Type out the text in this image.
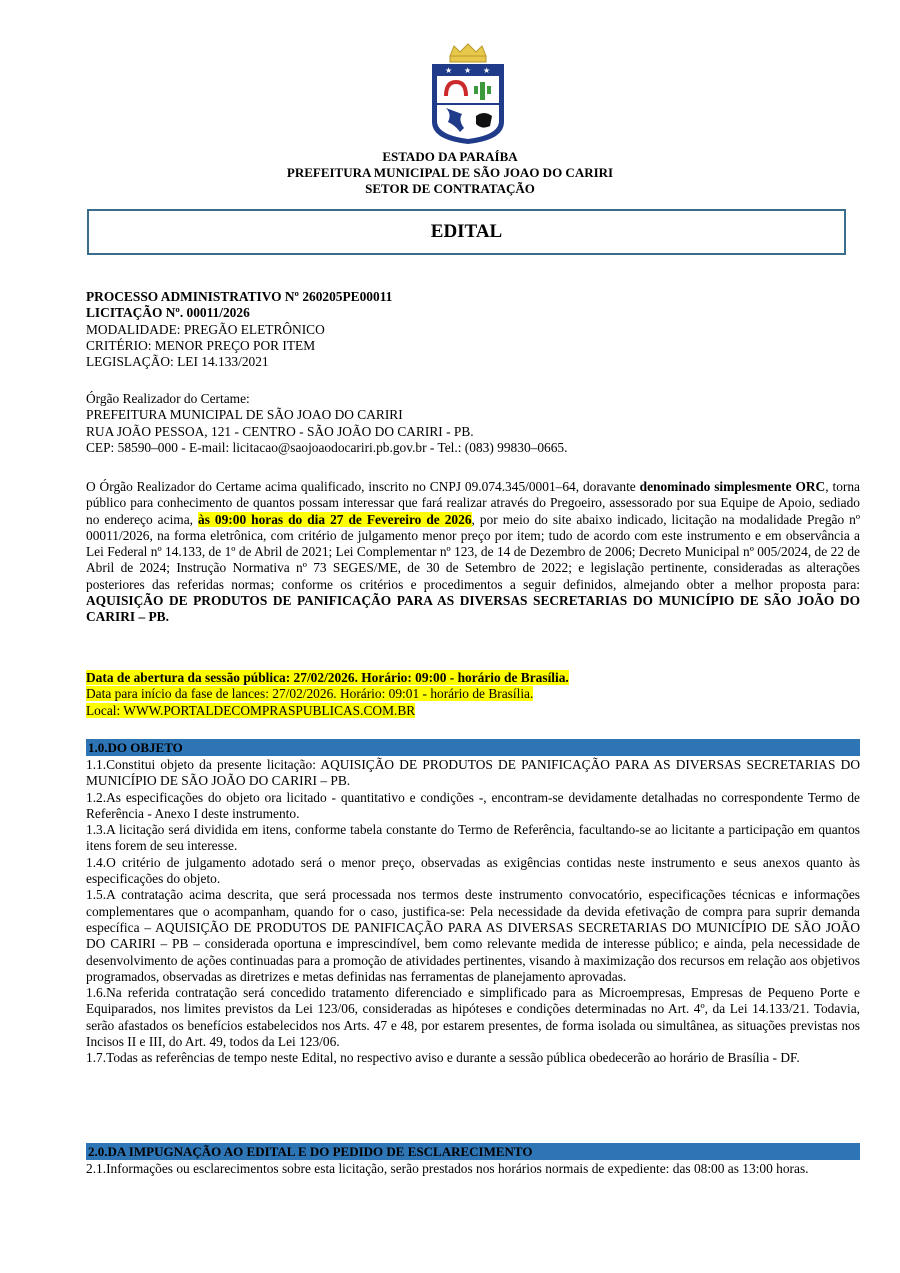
★ ★ ★
ESTADO DA PARAÍBA
PREFEITURA MUNICIPAL DE SÃO JOAO DO CARIRI
SETOR DE CONTRATAÇÃO
EDITAL

PROCESSO ADMINISTRATIVO Nº 260205PE00011

LICITAÇÃO Nº. 00011/2026

MODALIDADE: PREGÃO ELETRÔNICO

CRITÉRIO: MENOR PREÇO POR ITEM

LEGISLAÇÃO: LEI 14.133/2021

Órgão Realizador do Certame:

PREFEITURA MUNICIPAL DE SÃO JOAO DO CARIRI

RUA JOÃO PESSOA, 121 - CENTRO - SÃO JOÃO DO CARIRI - PB.

CEP: 58590–000 - E-mail: licitacao@saojoaodocariri.pb.gov.br - Tel.: (083) 99830–0665.

O Órgão Realizador do Certame acima qualificado, inscrito no CNPJ 09.074.345/0001–64, doravante denominado simplesmente ORC, torna público para conhecimento de quantos possam interessar que fará realizar através do Pregoeiro, assessorado por sua Equipe de Apoio, sediado no endereço acima, às 09:00 horas do dia 27 de Fevereiro de 2026, por meio do site abaixo indicado, licitação na modalidade Pregão nº 00011/2026, na forma eletrônica, com critério de julgamento menor preço por item; tudo de acordo com este instrumento e em observância a Lei Federal nº 14.133, de 1º de Abril de 2021; Lei Complementar nº 123, de 14 de Dezembro de 2006; Decreto Municipal nº 005/2024, de 22 de Abril de 2024; Instrução Normativa nº 73 SEGES/ME, de 30 de Setembro de 2022; e legislação pertinente, consideradas as alterações posteriores das referidas normas; conforme os critérios e procedimentos a seguir definidos, almejando obter a melhor proposta para: AQUISIÇÃO DE PRODUTOS DE PANIFICAÇÃO PARA AS DIVERSAS SECRETARIAS DO MUNICÍPIO DE SÃO JOÃO DO CARIRI – PB.

Data de abertura da sessão pública: 27/02/2026. Horário: 09:00 - horário de Brasília.

Data para início da fase de lances: 27/02/2026. Horário: 09:01 - horário de Brasília.

Local: WWW.PORTALDECOMPRASPUBLICAS.COM.BR

1.0.DO OBJETO

1.1.Constitui objeto da presente licitação: AQUISIÇÃO DE PRODUTOS DE PANIFICAÇÃO PARA AS DIVERSAS SECRETARIAS DO MUNICÍPIO DE SÃO JOÃO DO CARIRI – PB.

1.2.As especificações do objeto ora licitado - quantitativo e condições -, encontram-se devidamente detalhadas no correspondente Termo de Referência - Anexo I deste instrumento.

1.3.A licitação será dividida em itens, conforme tabela constante do Termo de Referência, facultando-se ao licitante a participação em quantos itens forem de seu interesse.

1.4.O critério de julgamento adotado será o menor preço, observadas as exigências contidas neste instrumento e seus anexos quanto às especificações do objeto.

1.5.A contratação acima descrita, que será processada nos termos deste instrumento convocatório, especificações técnicas e informações complementares que o acompanham, quando for o caso, justifica-se: Pela necessidade da devida efetivação de compra para suprir demanda específica – AQUISIÇÃO DE PRODUTOS DE PANIFICAÇÃO PARA AS DIVERSAS SECRETARIAS DO MUNICÍPIO DE SÃO JOÃO DO CARIRI – PB – considerada oportuna e imprescindível, bem como relevante medida de interesse público; e ainda, pela necessidade de desenvolvimento de ações continuadas para a promoção de atividades pertinentes, visando à maximização dos recursos em relação aos objetivos programados, observadas as diretrizes e metas definidas nas ferramentas de planejamento aprovadas.

1.6.Na referida contratação será concedido tratamento diferenciado e simplificado para as Microempresas, Empresas de Pequeno Porte e Equiparados, nos limites previstos da Lei 123/06, consideradas as hipóteses e condições determinadas no Art. 4º, da Lei 14.133/21. Todavia, serão afastados os benefícios estabelecidos nos Arts. 47 e 48, por estarem presentes, de forma isolada ou simultânea, as situações previstas nos Incisos II e III, do Art. 49, todos da Lei 123/06.

1.7.Todas as referências de tempo neste Edital, no respectivo aviso e durante a sessão pública obedecerão ao horário de Brasília - DF.

2.0.DA IMPUGNAÇÃO AO EDITAL E DO PEDIDO DE ESCLARECIMENTO

2.1.Informações ou esclarecimentos sobre esta licitação, serão prestados nos horários normais de expediente: das 08:00 as 13:00 horas.
